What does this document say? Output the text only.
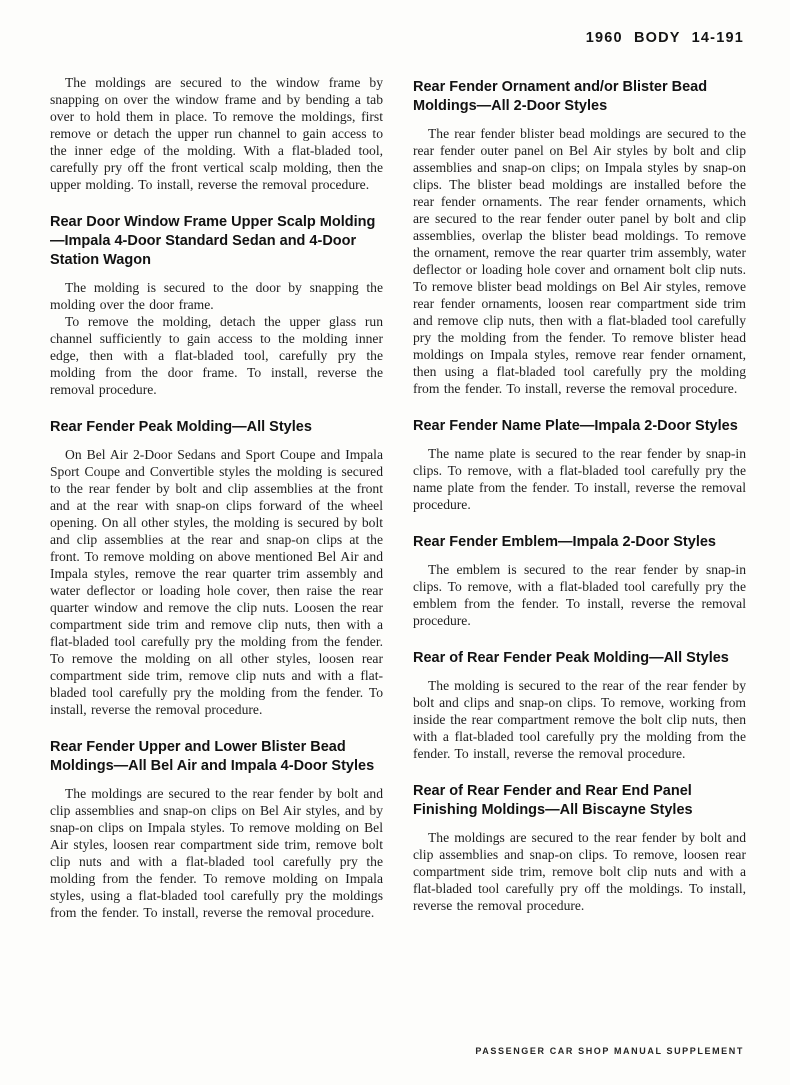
1960 BODY 14-191

The moldings are secured to the window frame by snapping on over the window frame and by bending a tab over to hold them in place. To remove the moldings, first remove or detach the upper run channel to gain access to the inner edge of the molding. With a flat-bladed tool, carefully pry off the front vertical scalp molding, then the upper molding. To install, reverse the removal procedure.

Rear Door Window Frame Upper Scalp Molding—Impala 4-Door Standard Sedan and 4-Door Station Wagon

The molding is secured to the door by snapping the molding over the door frame.

To remove the molding, detach the upper glass run channel sufficiently to gain access to the molding inner edge, then with a flat-bladed tool, carefully pry the molding from the door frame. To install, reverse the removal procedure.

Rear Fender Peak Molding—All Styles

On Bel Air 2-Door Sedans and Sport Coupe and Impala Sport Coupe and Convertible styles the molding is secured to the rear fender by bolt and clip assemblies at the front and at the rear with snap-on clips forward of the wheel opening. On all other styles, the molding is secured by bolt and clip assemblies at the rear and snap-on clips at the front. To remove molding on above mentioned Bel Air and Impala styles, remove the rear quarter trim assembly and water deflector or loading hole cover, then raise the rear quarter window and remove the clip nuts. Loosen the rear compartment side trim and remove clip nuts, then with a flat-bladed tool carefully pry the molding from the fender. To remove the molding on all other styles, loosen rear compartment side trim, remove clip nuts and with a flat-bladed tool carefully pry the molding from the fender. To install, reverse the removal procedure.

Rear Fender Upper and Lower Blister Bead Moldings—All Bel Air and Impala 4-Door Styles

The moldings are secured to the rear fender by bolt and clip assemblies and snap-on clips on Bel Air styles, and by snap-on clips on Impala styles. To remove molding on Bel Air styles, loosen rear compartment side trim, remove bolt clip nuts and with a flat-bladed tool carefully pry the molding from the fender. To remove molding on Impala styles, using a flat-bladed tool carefully pry the moldings from the fender. To install, reverse the removal procedure.

Rear Fender Ornament and/or Blister Bead Moldings—All 2-Door Styles

The rear fender blister bead moldings are secured to the rear fender outer panel on Bel Air styles by bolt and clip assemblies and snap-on clips; on Impala styles by snap-on clips. The blister bead moldings are installed before the rear fender ornaments. The rear fender ornaments, which are secured to the rear fender outer panel by bolt and clip assemblies, overlap the blister bead moldings. To remove the ornament, remove the rear quarter trim assembly, water deflector or loading hole cover and ornament bolt clip nuts. To remove blister bead moldings on Bel Air styles, remove rear fender ornaments, loosen rear compartment side trim and remove clip nuts, then with a flat-bladed tool carefully pry the molding from the fender. To remove blister head moldings on Impala styles, remove rear fender ornament, then using a flat-bladed tool carefully pry the molding from the fender. To install, reverse the removal procedure.

Rear Fender Name Plate—Impala 2-Door Styles

The name plate is secured to the rear fender by snap-in clips. To remove, with a flat-bladed tool carefully pry the name plate from the fender. To install, reverse the removal procedure.

Rear Fender Emblem—Impala 2-Door Styles

The emblem is secured to the rear fender by snap-in clips. To remove, with a flat-bladed tool carefully pry the emblem from the fender. To install, reverse the removal procedure.

Rear of Rear Fender Peak Molding—All Styles

The molding is secured to the rear of the rear fender by bolt and clips and snap-on clips. To remove, working from inside the rear compartment remove the bolt clip nuts, then with a flat-bladed tool carefully pry the molding from the fender. To install, reverse the removal procedure.

Rear of Rear Fender and Rear End Panel Finishing Moldings—All Biscayne Styles

The moldings are secured to the rear fender by bolt and clip assemblies and snap-on clips. To remove, loosen rear compartment side trim, remove bolt clip nuts and with a flat-bladed tool carefully pry off the moldings. To install, reverse the removal procedure.

PASSENGER CAR SHOP MANUAL SUPPLEMENT
